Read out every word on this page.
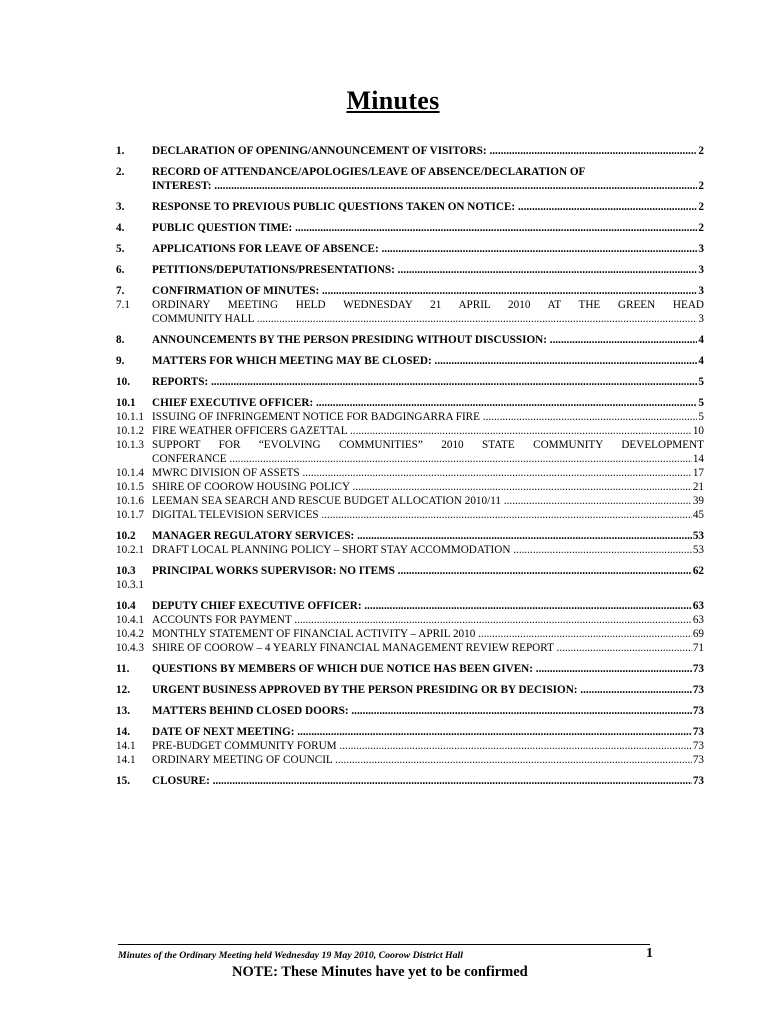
Minutes
1.	DECLARATION OF OPENING/ANNOUNCEMENT OF VISITORS: .....	2
2.	RECORD OF ATTENDANCE/APOLOGIES/LEAVE OF ABSENCE/DECLARATION OF
INTEREST: .....	2
3.	RESPONSE TO PREVIOUS PUBLIC QUESTIONS TAKEN ON NOTICE: .....	2
4.	PUBLIC QUESTION TIME: .....	2
5.	APPLICATIONS FOR LEAVE OF ABSENCE: .....	3
6.	PETITIONS/DEPUTATIONS/PRESENTATIONS: .....	3
7.	CONFIRMATION OF MINUTES: .....	3
7.1	ORDINARY MEETING HELD WEDNESDAY 21 APRIL 2010 AT THE GREEN HEAD
COMMUNITY HALL .....	3
8.	ANNOUNCEMENTS BY THE PERSON PRESIDING WITHOUT DISCUSSION: .....	4
9.	MATTERS FOR WHICH MEETING MAY BE CLOSED: .....	4
10.	REPORTS: .....	5
10.1	CHIEF EXECUTIVE OFFICER: .....	5
10.1.1 ISSUING OF INFRINGEMENT NOTICE FOR BADGINGARRA FIRE .....	5
10.1.2 FIRE WEATHER OFFICERS GAZETTAL .....	10
10.1.3 SUPPORT FOR “EVOLVING COMMUNITIES” 2010 STATE COMMUNITY DEVELOPMENT
CONFERANCE .....	14
10.1.4 MWRC DIVISION OF ASSETS .....	17
10.1.5 SHIRE OF COOROW HOUSING POLICY .....	21
10.1.6 LEEMAN SEA SEARCH AND RESCUE BUDGET ALLOCATION 2010/11 .....	39
10.1.7 DIGITAL TELEVISION SERVICES .....	45
10.2	MANAGER REGULATORY SERVICES: .....	53
10.2.1 DRAFT LOCAL PLANNING POLICY – SHORT STAY ACCOMMODATION .....	53
10.3	PRINCIPAL WORKS SUPERVISOR: NO ITEMS .....	62
10.3.1
10.4	DEPUTY CHIEF EXECUTIVE OFFICER: .....	63
10.4.1 ACCOUNTS FOR PAYMENT .....	63
10.4.2 MONTHLY STATEMENT OF FINANCIAL ACTIVITY – APRIL 2010 .....	69
10.4.3 SHIRE OF COOROW – 4 YEARLY FINANCIAL MANAGEMENT REVIEW REPORT .....	71
11.	QUESTIONS BY MEMBERS OF WHICH DUE NOTICE HAS BEEN GIVEN: .....	73
12.	URGENT BUSINESS APPROVED BY THE PERSON PRESIDING OR BY DECISION: .....	73
13.	MATTERS BEHIND CLOSED DOORS: .....	73
14.	DATE OF NEXT MEETING: .....	73
14.1	PRE-BUDGET COMMUNITY FORUM .....	73
14.1	ORDINARY MEETING OF COUNCIL .....	73
15.	CLOSURE: .....	73
Minutes of the Ordinary Meeting held Wednesday 19 May 2010, Coorow District Hall	1
NOTE: These Minutes have yet to be confirmed
